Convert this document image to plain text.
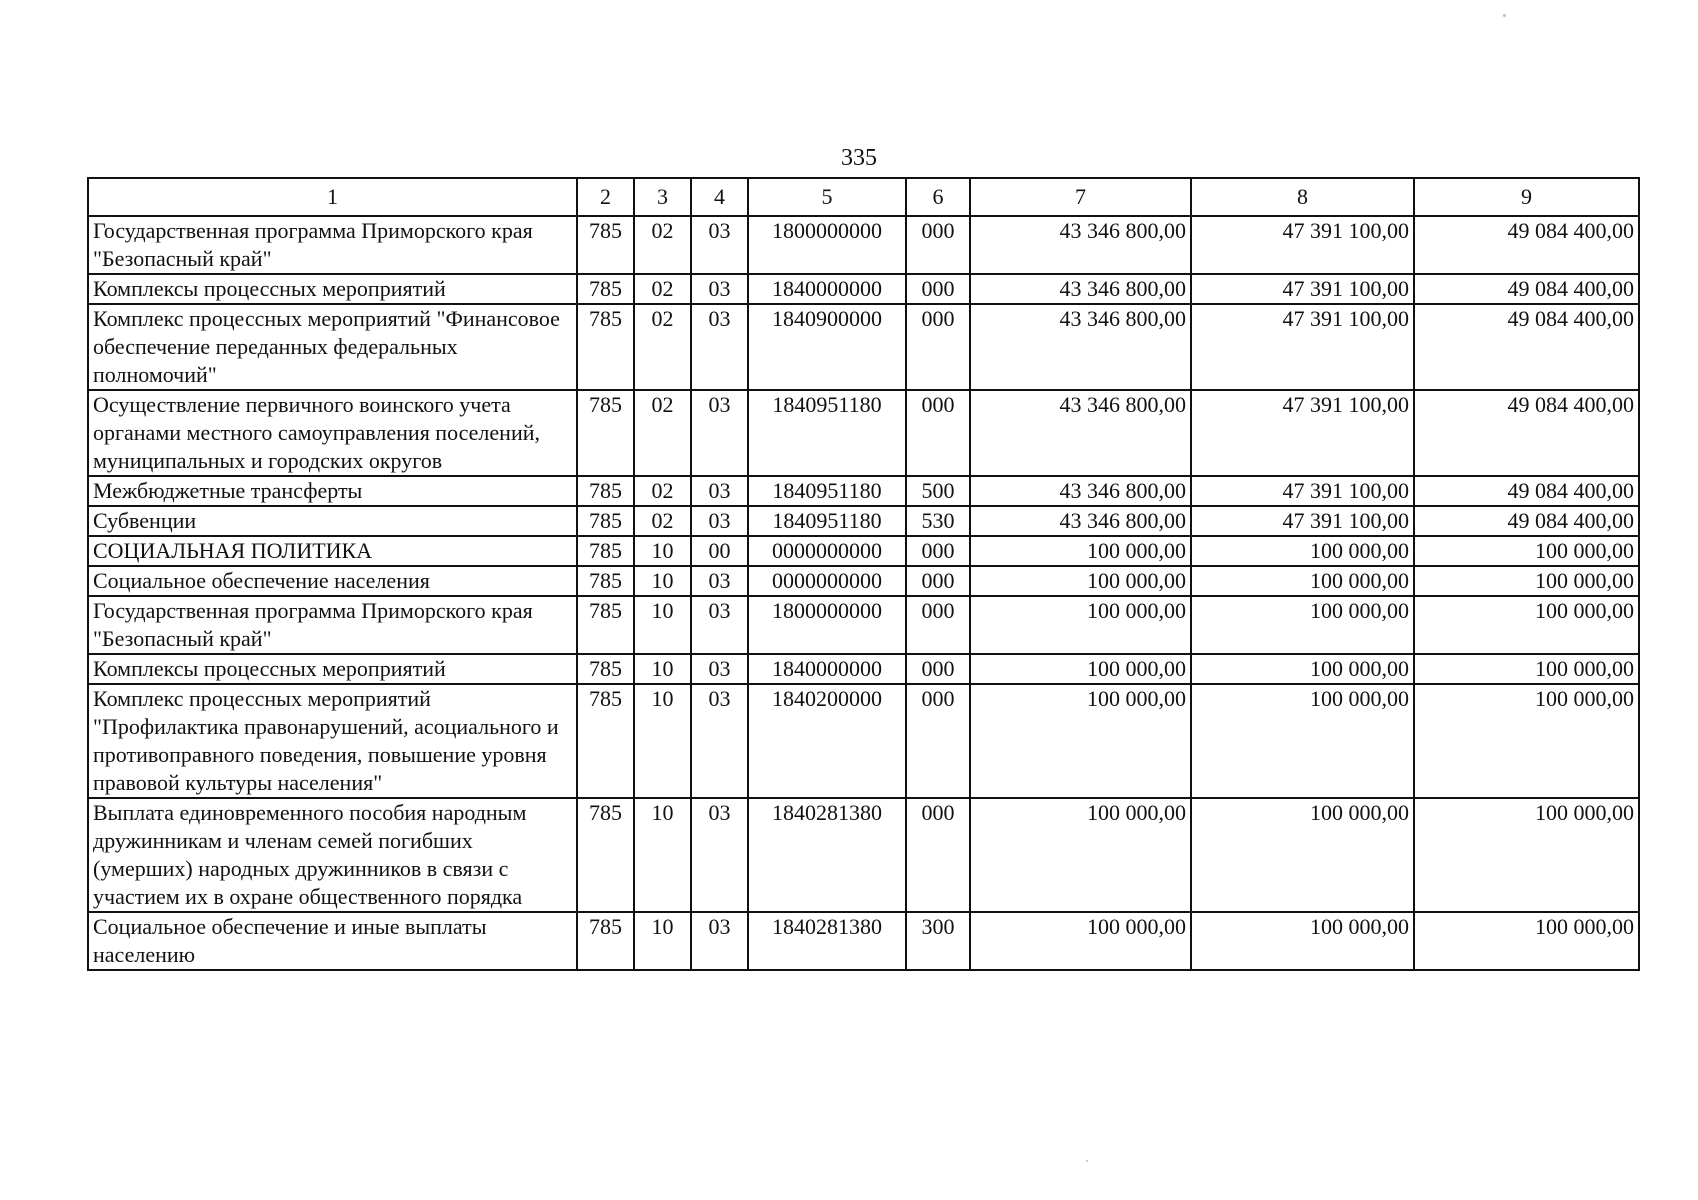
335
1	2	3	4	5	6	7	8	9
Государственная программа Приморского края "Безопасный край"	785	02	03	1800000000	000	43 346 800,00	47 391 100,00	49 084 400,00
Комплексы процессных мероприятий	785	02	03	1840000000	000	43 346 800,00	47 391 100,00	49 084 400,00
Комплекс процессных мероприятий "Финансовое обеспечение переданных федеральных полномочий"	785	02	03	1840900000	000	43 346 800,00	47 391 100,00	49 084 400,00
Осуществление первичного воинского учета органами местного самоуправления поселений, муниципальных и городских округов	785	02	03	1840951180	000	43 346 800,00	47 391 100,00	49 084 400,00
Межбюджетные трансферты	785	02	03	1840951180	500	43 346 800,00	47 391 100,00	49 084 400,00
Субвенции	785	02	03	1840951180	530	43 346 800,00	47 391 100,00	49 084 400,00
СОЦИАЛЬНАЯ ПОЛИТИКА	785	10	00	0000000000	000	100 000,00	100 000,00	100 000,00
Социальное обеспечение населения	785	10	03	0000000000	000	100 000,00	100 000,00	100 000,00
Государственная программа Приморского края "Безопасный край"	785	10	03	1800000000	000	100 000,00	100 000,00	100 000,00
Комплексы процессных мероприятий	785	10	03	1840000000	000	100 000,00	100 000,00	100 000,00
Комплекс процессных мероприятий "Профилактика правонарушений, асоциального и противоправного поведения, повышение уровня правовой культуры населения"	785	10	03	1840200000	000	100 000,00	100 000,00	100 000,00
Выплата единовременного пособия народным дружинникам и членам семей погибших (умерших) народных дружинников в связи с участием их в охране общественного порядка	785	10	03	1840281380	000	100 000,00	100 000,00	100 000,00
Социальное обеспечение и иные выплаты населению	785	10	03	1840281380	300	100 000,00	100 000,00	100 000,00
